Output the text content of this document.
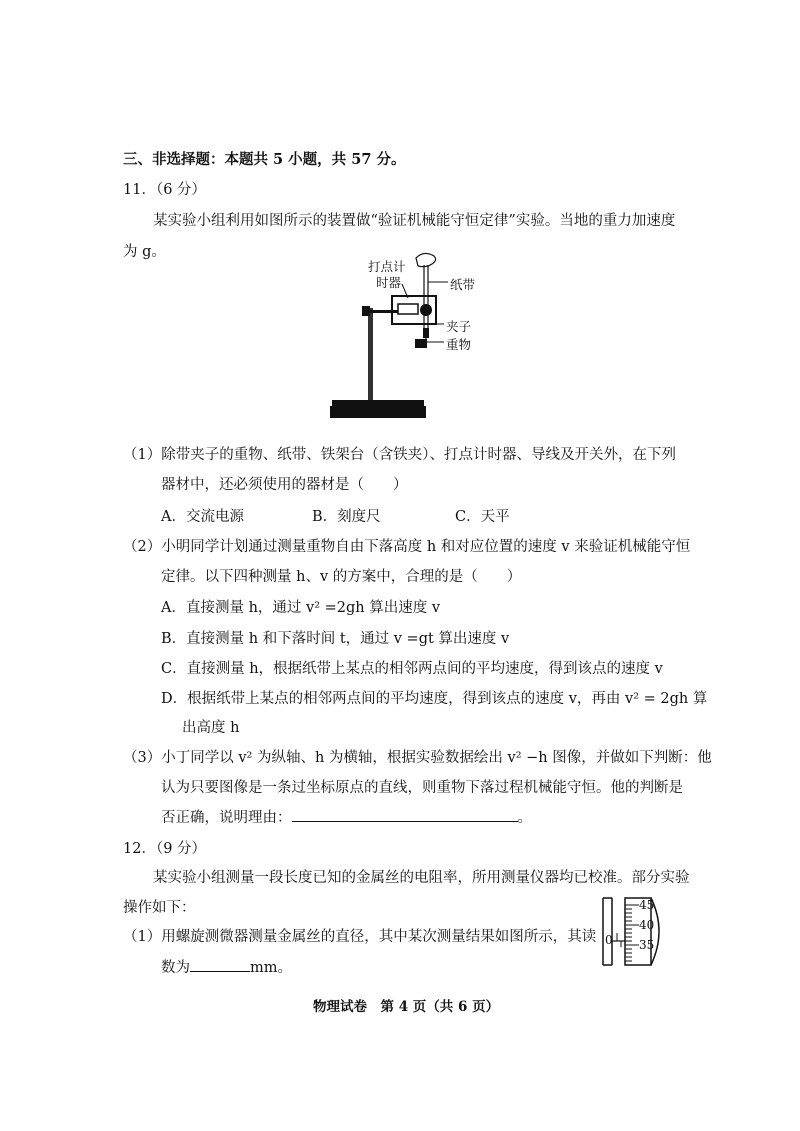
三、非选择题：本题共 5 小题，共 57 分。
11．（6 分）
某实验小组利用如图所示的装置做“验证机械能守恒定律”实验。当地的重力加速度
为 g。
打点计
时器	纸带
夹子
重物
（1）除带夹子的重物、纸带、铁架台（含铁夹）、打点计时器、导线及开关外，在下列
器材中，还必须使用的器材是（　　）
A．交流电源	B．刻度尺	C．天平
（2）小明同学计划通过测量重物自由下落高度 h 和对应位置的速度 v 来验证机械能守恒
定律。以下四种测量 h、v 的方案中，合理的是（　　）
A．直接测量 h，通过 v² =2gh 算出速度 v
B．直接测量 h 和下落时间 t，通过 v =gt 算出速度 v
C．直接测量 h，根据纸带上某点的相邻两点间的平均速度，得到该点的速度 v
D．根据纸带上某点的相邻两点间的平均速度，得到该点的速度 v，再由 v² = 2gh 算
出高度 h
（3）小丁同学以 v² 为纵轴、h 为横轴，根据实验数据绘出 v² −h 图像，并做如下判断：他
认为只要图像是一条过坐标原点的直线，则重物下落过程机械能守恒。他的判断是
否正确，说明理由：	。
12．（9 分）
某实验小组测量一段长度已知的金属丝的电阻率，所用测量仪器均已校准。部分实验
操作如下：
（1）用螺旋测微器测量金属丝的直径，其中某次测量结果如图所示，其读
数为	mm。
45
40
35
0
物理试卷　第 4 页（共 6 页）
